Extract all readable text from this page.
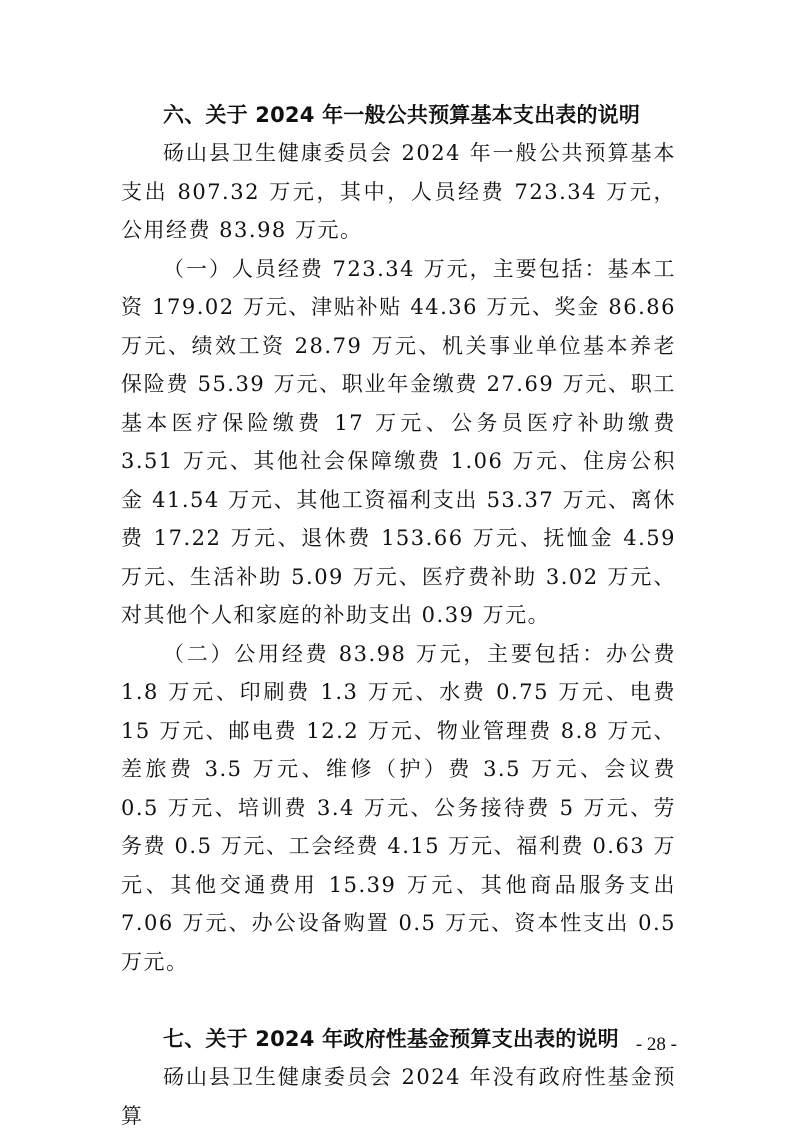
六、关于 2024 年一般公共预算基本支出表的说明

砀山县卫生健康委员会 2024 年一般公共预算基本支出 807.32 万元，其中，人员经费 723.34 万元，公用经费 83.98 万元。

（一）人员经费 723.34 万元，主要包括：基本工资 179.02 万元、津贴补贴 44.36 万元、奖金 86.86 万元、绩效工资 28.79 万元、机关事业单位基本养老保险费 55.39 万元、职业年金缴费 27.69 万元、职工基本医疗保险缴费 17 万元、公务员医疗补助缴费 3.51 万元、其他社会保障缴费 1.06 万元、住房公积金 41.54 万元、其他工资福利支出 53.37 万元、离休费 17.22 万元、退休费 153.66 万元、抚恤金 4.59 万元、生活补助 5.09 万元、医疗费补助 3.02 万元、对其他个人和家庭的补助支出 0.39 万元。

（二）公用经费 83.98 万元，主要包括：办公费 1.8 万元、印刷费 1.3 万元、水费 0.75 万元、电费 15 万元、邮电费 12.2 万元、物业管理费 8.8 万元、差旅费 3.5 万元、维修（护）费 3.5 万元、会议费 0.5 万元、培训费 3.4 万元、公务接待费 5 万元、劳务费 0.5 万元、工会经费 4.15 万元、福利费 0.63 万元、其他交通费用 15.39 万元、其他商品服务支出 7.06 万元、办公设备购置 0.5 万元、资本性支出 0.5 万元。

七、关于 2024 年政府性基金预算支出表的说明

砀山县卫生健康委员会 2024 年没有政府性基金预算

- 28 -
